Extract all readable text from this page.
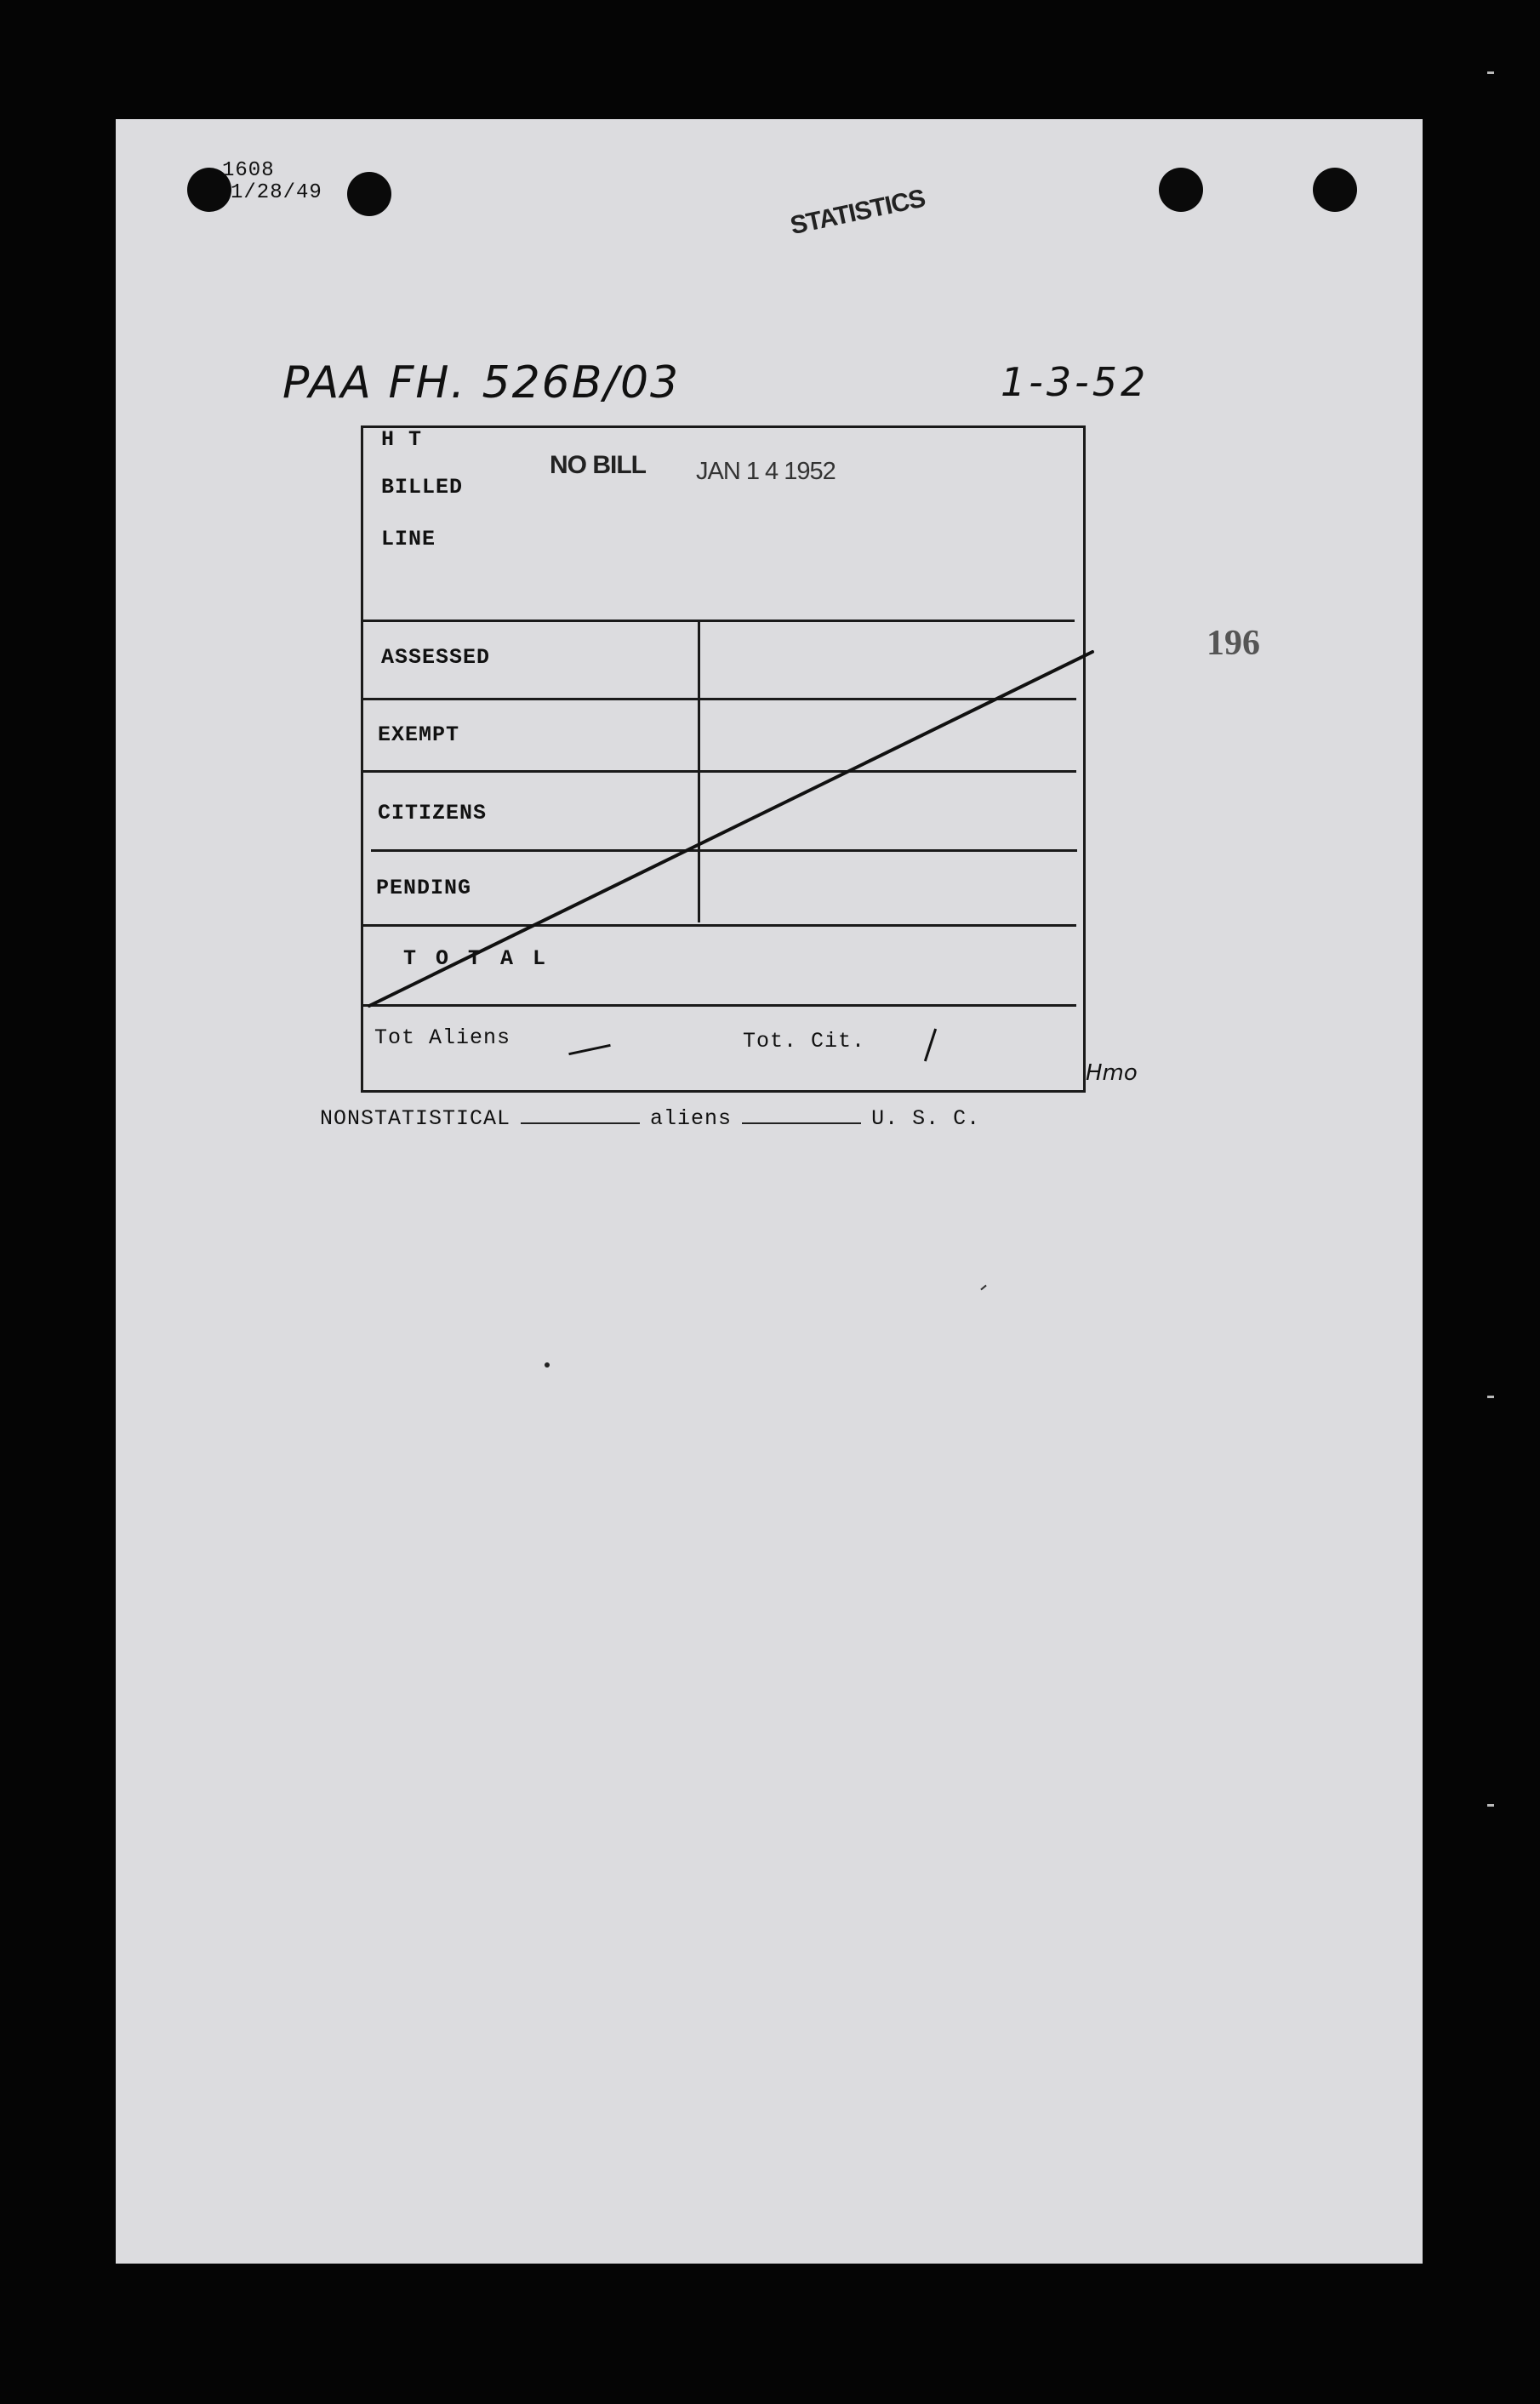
1608
1/28/49	STATISTICS
PAA FH. 526B/03	1-3-52
196
H T
BILLED
LINE
NO BILL JAN 1 4 1952
ASSESSED
EXEMPT
CITIZENS
PENDING
T O T A L
Tot Aliens	Tot. Cit.
Hmo
NONSTATISTICAL	aliens	U. S. C.
